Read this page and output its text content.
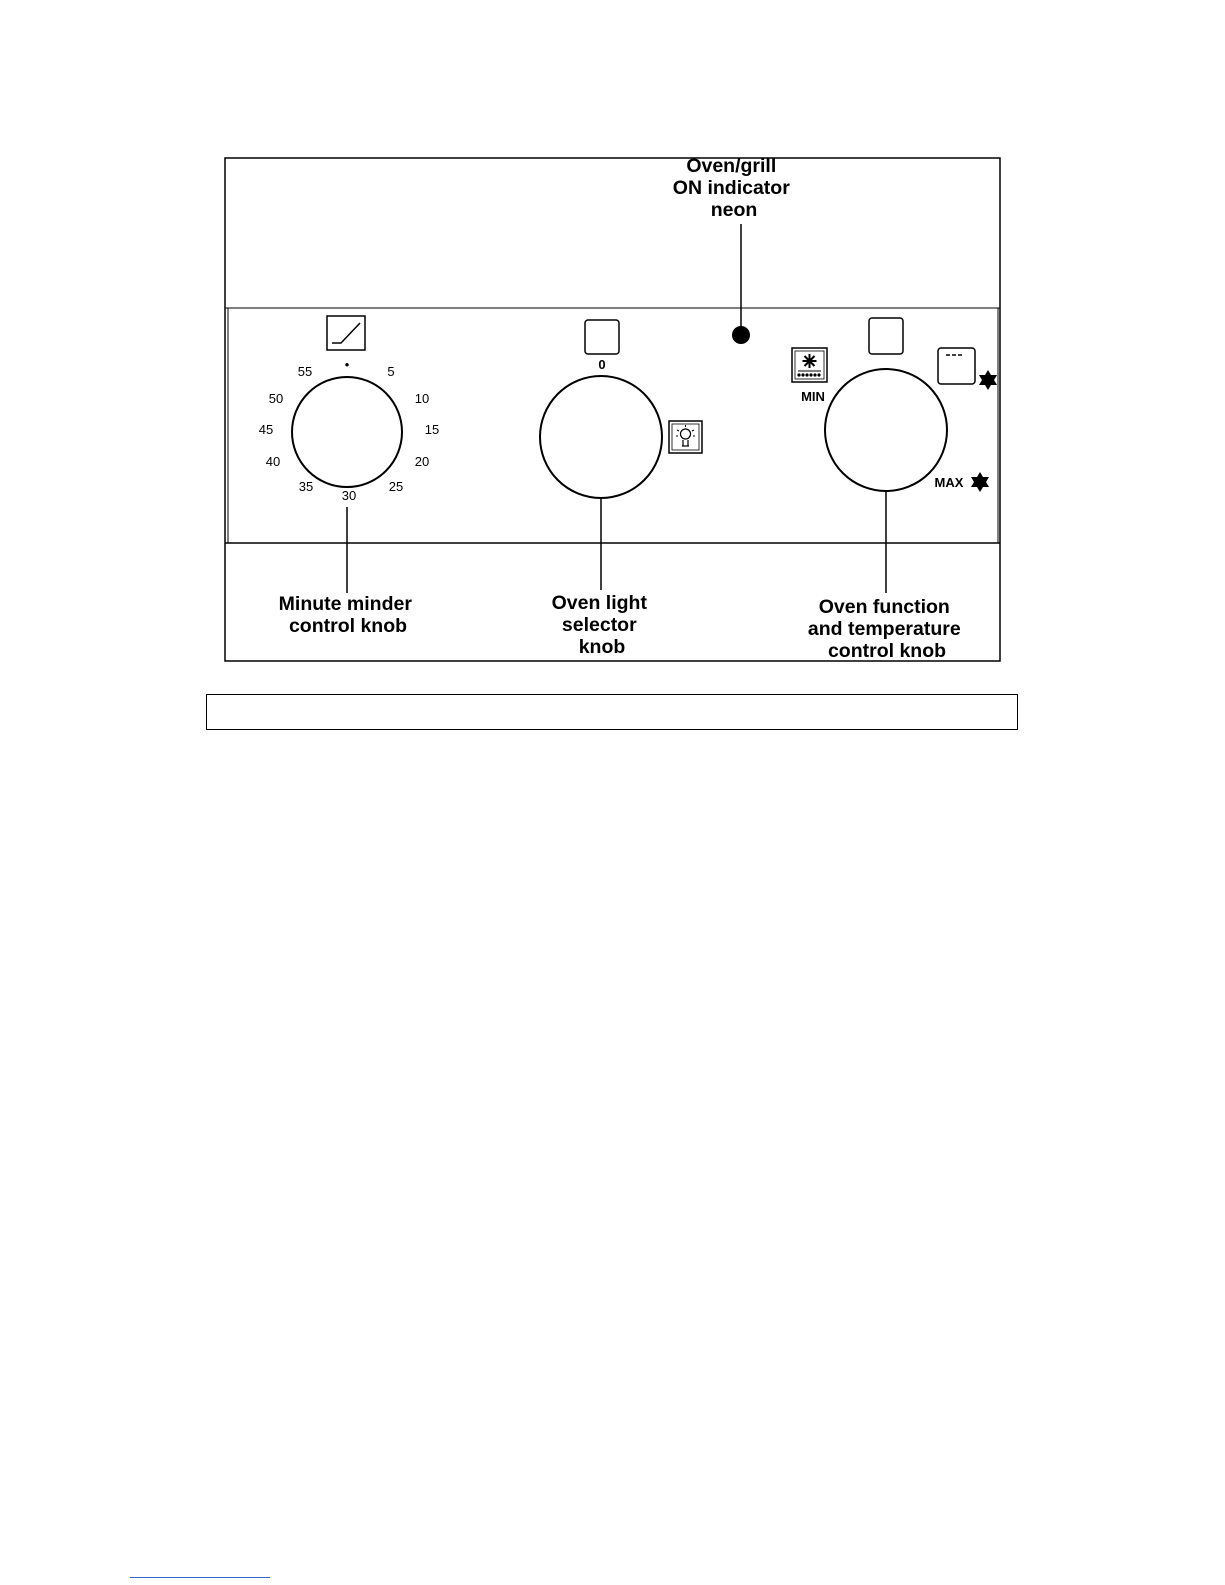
Oven/grill ON indicator neon
•	5
10
15
20
25
30
35
40
45
50
55
Minute minder control knob
0
Oven light selector knob
MIN
MAX
Oven function and temperature control knob
